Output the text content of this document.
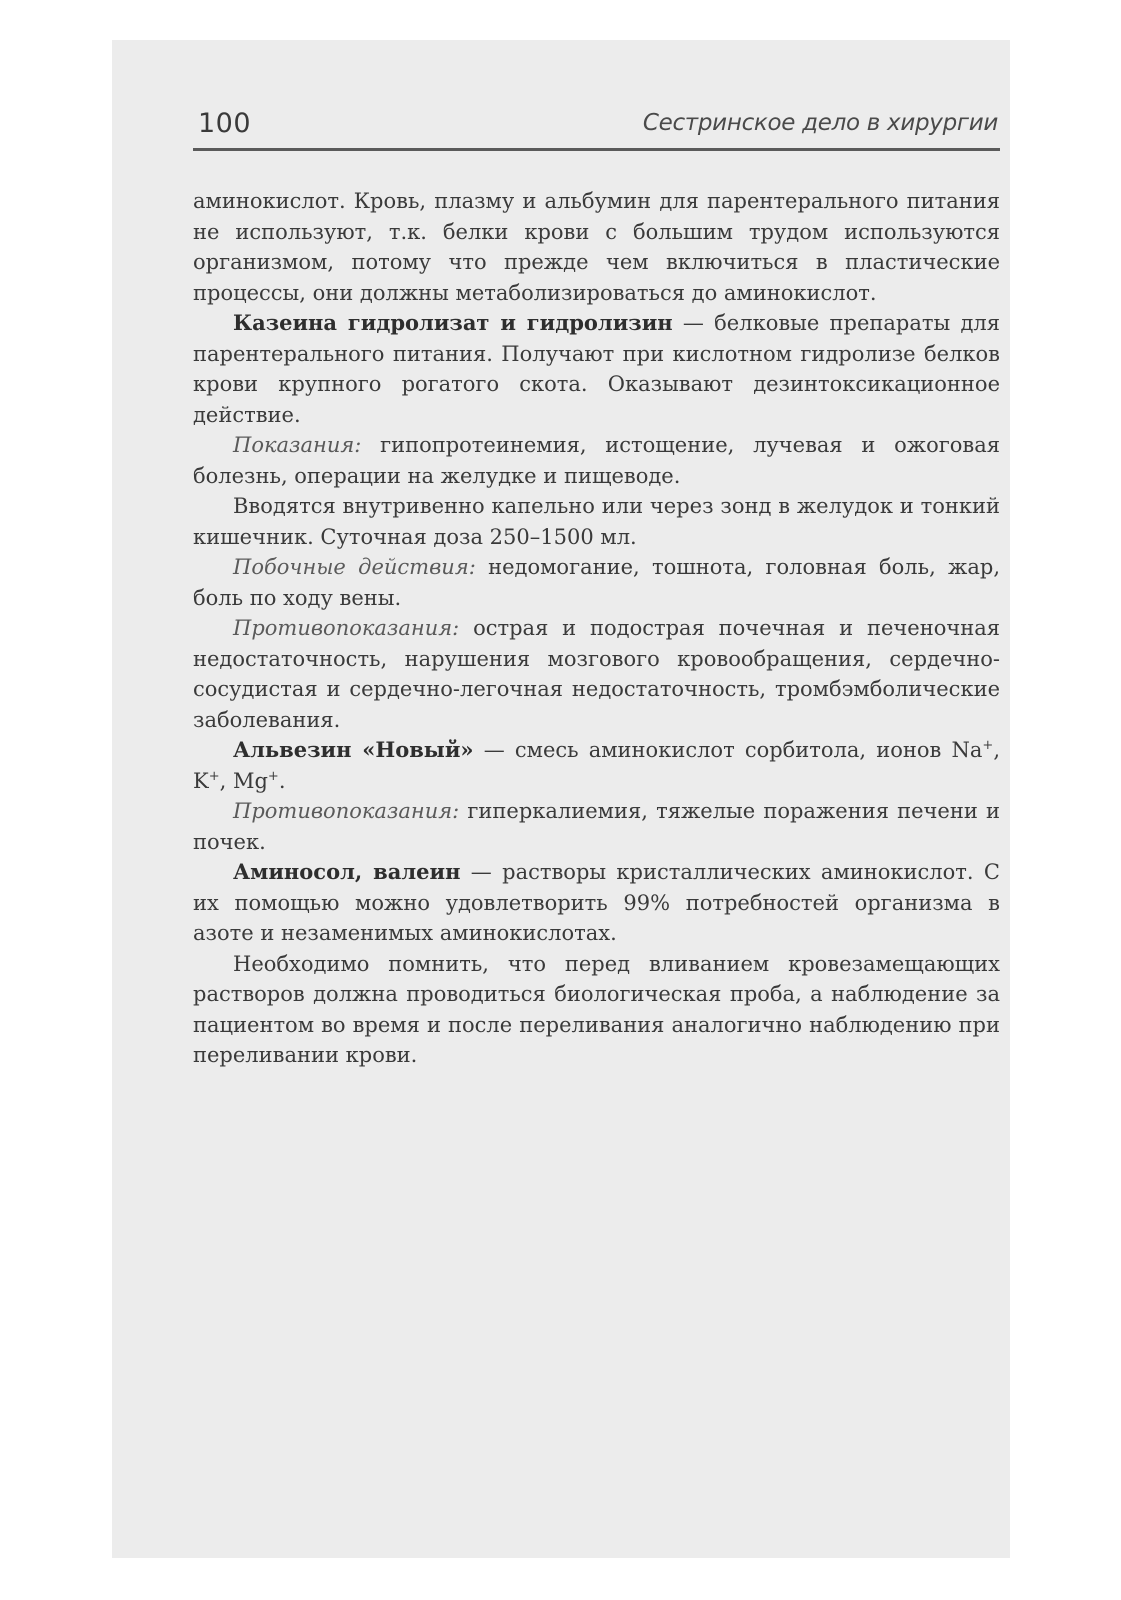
100	Сестринское дело в хирургии

аминокислот. Кровь, плазму и альбумин для парентерального питания не используют, т.к. белки крови с большим трудом используются организмом, потому что прежде чем включиться в пластические процессы, они должны метаболизироваться до аминокислот.

Казеина гидролизат и гидролизин — белковые препараты для парентерального питания. Получают при кислотном гидролизе белков крови крупного рогатого скота. Оказывают дезинтоксикационное действие.

Показания: гипопротеинемия, истощение, лучевая и ожоговая болезнь, операции на желудке и пищеводе.

Вводятся внутривенно капельно или через зонд в желудок и тонкий кишечник. Суточная доза 250–1500 мл.

Побочные действия: недомогание, тошнота, головная боль, жар, боль по ходу вены.

Противопоказания: острая и подострая почечная и печеночная недостаточность, нарушения мозгового кровообращения, сердечно-сосудистая и сердечно-легочная недостаточность, тромбэмболические заболевания.

Альвезин «Новый» — смесь аминокислот сорбитола, ионов Na+, K+, Mg+.

Противопоказания: гиперкалиемия, тяжелые поражения печени и почек.

Аминосол, валеин — растворы кристаллических аминокислот. С их помощью можно удовлетворить 99% потребностей организма в азоте и незаменимых аминокислотах.

Необходимо помнить, что перед вливанием кровезамещающих растворов должна проводиться биологическая проба, а наблюдение за пациентом во время и после переливания аналогично наблюдению при переливании крови.
